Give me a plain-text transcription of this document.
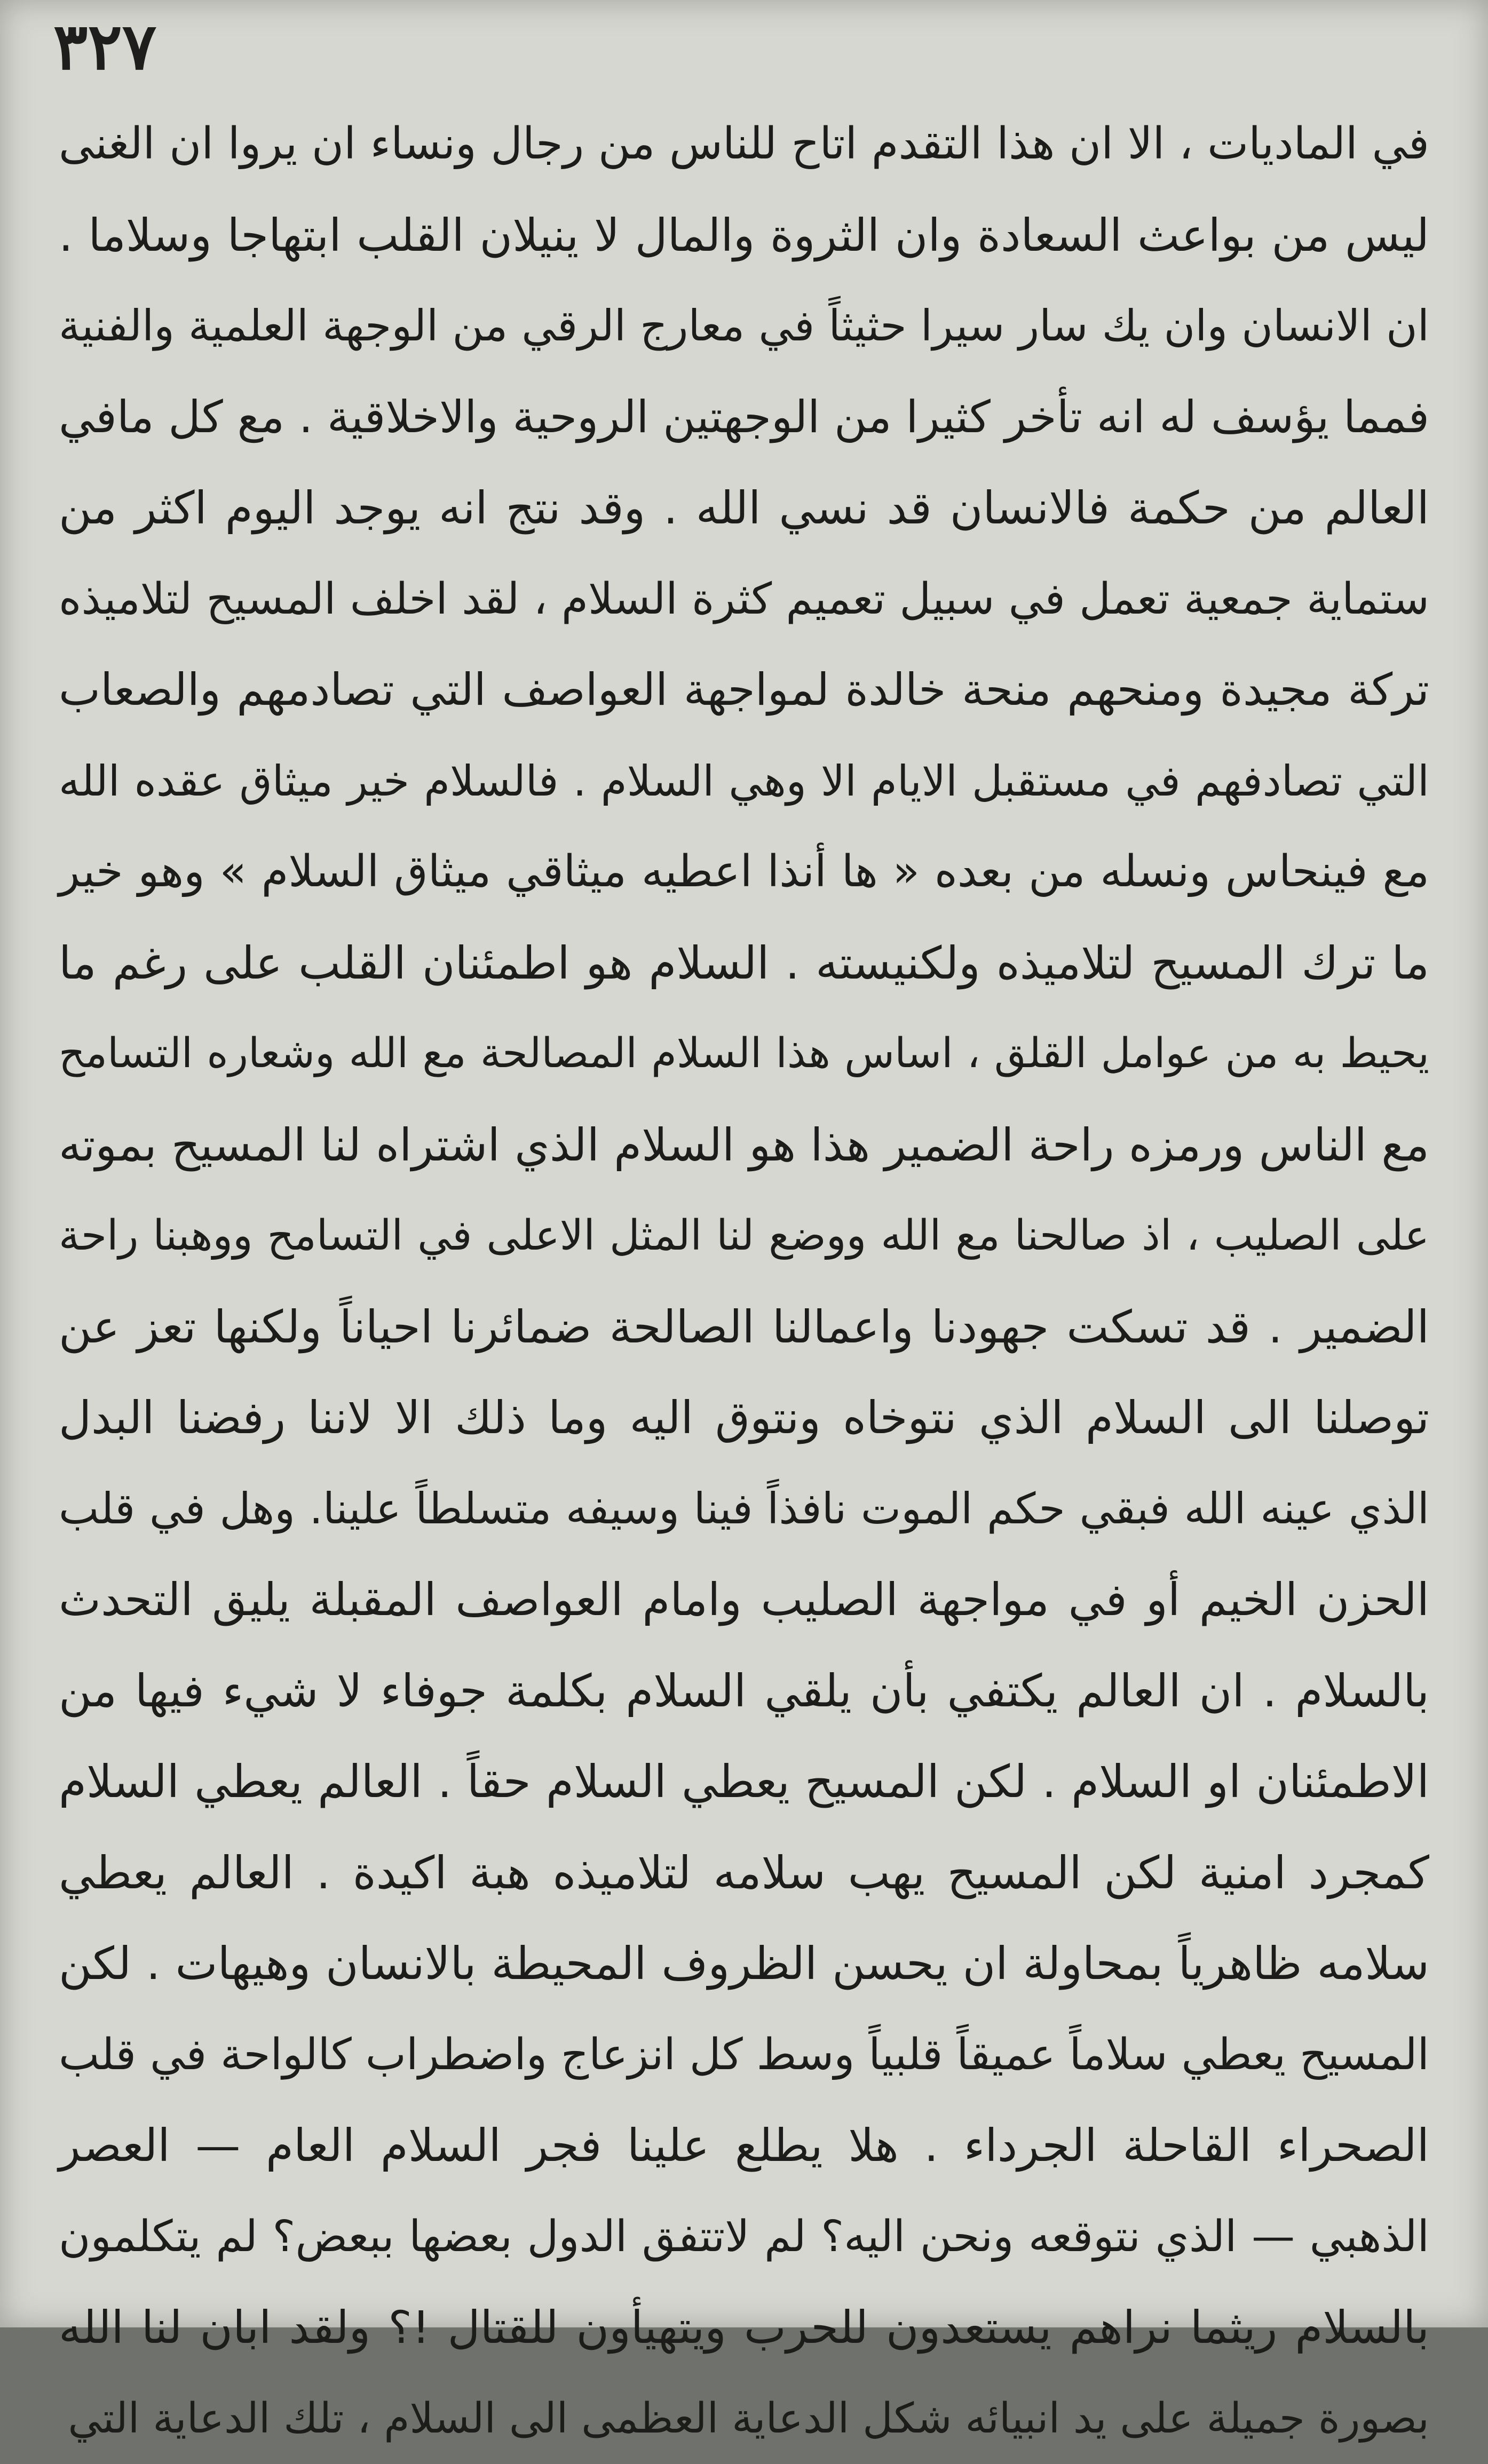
٣٢٧
في الماديات ، الا ان هذا التقدم اتاح للناس من رجال ونساء ان يروا ان الغنى
ليس من بواعث السعادة وان الثروة والمال لا ينيلان القلب ابتهاجا وسلاما .
ان الانسان وان يك سار سيرا حثيثاً في معارج الرقي من الوجهة العلمية والفنية
فمما يؤسف له انه تأخر كثيرا من الوجهتين الروحية والاخلاقية . مع كل مافي
العالم من حكمة فالانسان قد نسي الله . وقد نتج انه يوجد اليوم اكثر من
ستماية جمعية تعمل في سبيل تعميم كثرة السلام ، لقد اخلف المسيح لتلاميذه
تركة مجيدة ومنحهم منحة خالدة لمواجهة العواصف التي تصادمهم والصعاب
التي تصادفهم في مستقبل الايام الا وهي السلام . فالسلام خير ميثاق عقده الله
مع فينحاس ونسله من بعده « ها أنذا اعطيه ميثاقي ميثاق السلام » وهو خير
ما ترك المسيح لتلاميذه ولكنيسته . السلام هو اطمئنان القلب على رغم ما
يحيط به من عوامل القلق ، اساس هذا السلام المصالحة مع الله وشعاره التسامح
مع الناس ورمزه راحة الضمير هذا هو السلام الذي اشتراه لنا المسيح بموته
على الصليب ، اذ صالحنا مع الله ووضع لنا المثل الاعلى في التسامح ووهبنا راحة
الضمير . قد تسكت جهودنا واعمالنا الصالحة ضمائرنا احياناً ولكنها تعز عن
توصلنا الى السلام الذي نتوخاه ونتوق اليه وما ذلك الا لاننا رفضنا البدل
الذي عينه الله فبقي حكم الموت نافذاً فينا وسيفه متسلطاً علينا. وهل في قلب
الحزن الخيم أو في مواجهة الصليب وامام العواصف المقبلة يليق التحدث
بالسلام . ان العالم يكتفي بأن يلقي السلام بكلمة جوفاء لا شيء فيها من
الاطمئنان او السلام . لكن المسيح يعطي السلام حقاً . العالم يعطي السلام
كمجرد امنية لكن المسيح يهب سلامه لتلاميذه هبة اكيدة . العالم يعطي
سلامه ظاهرياً بمحاولة ان يحسن الظروف المحيطة بالانسان وهيهات . لكن
المسيح يعطي سلاماً عميقاً قلبياً وسط كل انزعاج واضطراب كالواحة في قلب
الصحراء القاحلة الجرداء . هلا يطلع علينا فجر السلام العام — العصر
الذهبي — الذي نتوقعه ونحن اليه؟ لم لاتتفق الدول بعضها ببعض؟ لم يتكلمون
بالسلام ريثما نراهم يستعدون للحرب ويتهيأون للقتال !؟ ولقد ابان لنا الله
بصورة جميلة على يد انبيائه شكل الدعاية العظمى الى السلام ، تلك الدعاية التي
